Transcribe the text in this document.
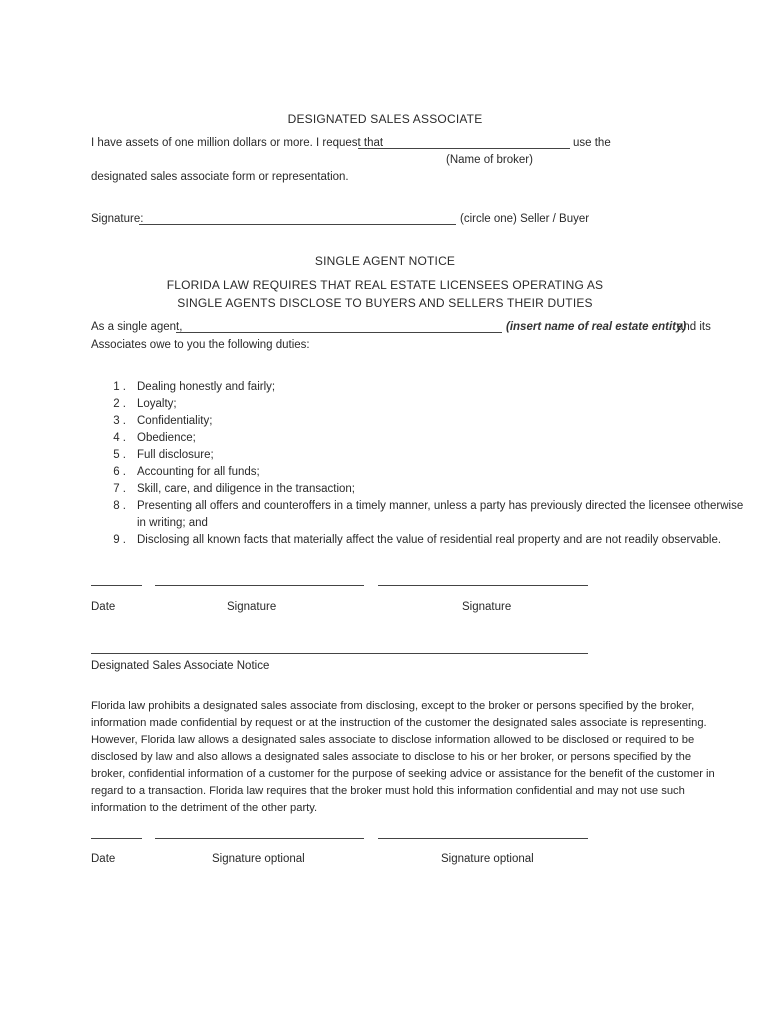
DESIGNATED SALES ASSOCIATE
I have assets of one million dollars or more. I request that	use the
(Name of broker)
designated sales associate form or representation.
Signature:	(circle one) Seller / Buyer
SINGLE AGENT NOTICE
FLORIDA LAW REQUIRES THAT REAL ESTATE LICENSEES OPERATING AS
SINGLE AGENTS DISCLOSE TO BUYERS AND SELLERS THEIR DUTIES
As a single agent,	(insert name of real estate entity)
and its
Associates owe to you the following duties:
1 . Dealing honestly and fairly;
2 . Loyalty;
3 . Confidentiality;
4 . Obedience;
5 . Full disclosure;
6 . Accounting for all funds;
7 . Skill, care, and diligence in the transaction;
8 . Presenting all offers and counteroffers in a timely manner, unless a party has previously directed the licensee otherwise
in writing; and
9 . Disclosing all known facts that materially affect the value of residential real property and are not readily observable.
Date	Signature	Signature
Designated Sales Associate Notice
Florida law prohibits a designated sales associate from disclosing, except to the broker or persons specified by the broker, information made confidential by request or at the instruction of the customer the designated sales associate is representing. However, Florida law allows a designated sales associate to disclose information allowed to be disclosed or required to be disclosed by law and also allows a designated sales associate to disclose to his or her broker, or persons specified by the broker, confidential information of a customer for the purpose of seeking advice or assistance for the benefit of the customer in regard to a transaction. Florida law requires that the broker must hold this information confidential and may not use such information to the detriment of the other party.
Date	Signature optional	Signature optional
